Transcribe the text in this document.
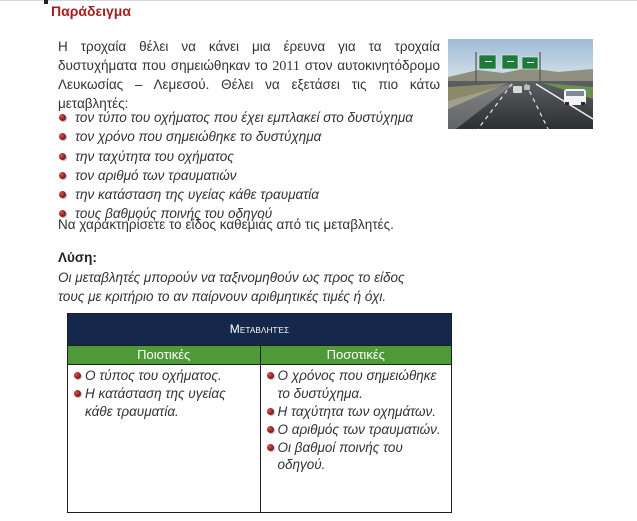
Παράδειγμα
Η τροχαία θέλει να κάνει μια έρευνα για τα τροχαία δυστυχήματα που σημειώθηκαν το 2011 στον αυτοκινητόδρομο Λευκωσίας – Λεμεσού. Θέλει να εξετάσει τις πιο κάτω μεταβλητές:
τον τύπο του οχήματος που έχει εμπλακεί στο δυστύχημα
τον χρόνο που σημειώθηκε το δυστύχημα
την ταχύτητα του οχήματος
τον αριθμό των τραυματιών
την κατάσταση της υγείας κάθε τραυματία
τους βαθμούς ποινής του οδηγού
Να χαρακτηρίσετε το είδος καθεμιάς από τις μεταβλητές.
Λύση:
Οι μεταβλητές μπορούν να ταξινομηθούν ως προς το είδος τους με κριτήριο το αν παίρνουν αριθμητικές τιμές ή όχι.
Μεταβλητές
Ποιοτικές
Ο τύπος του οχήματος.
Η κατάσταση της υγείας κάθε τραυματία.
Ποσοτικές
Ο χρόνος που σημειώθηκε το δυστύχημα.
Η ταχύτητα των οχημάτων.
Ο αριθμός των τραυματιών.
Οι βαθμοί ποινής του οδηγού.
